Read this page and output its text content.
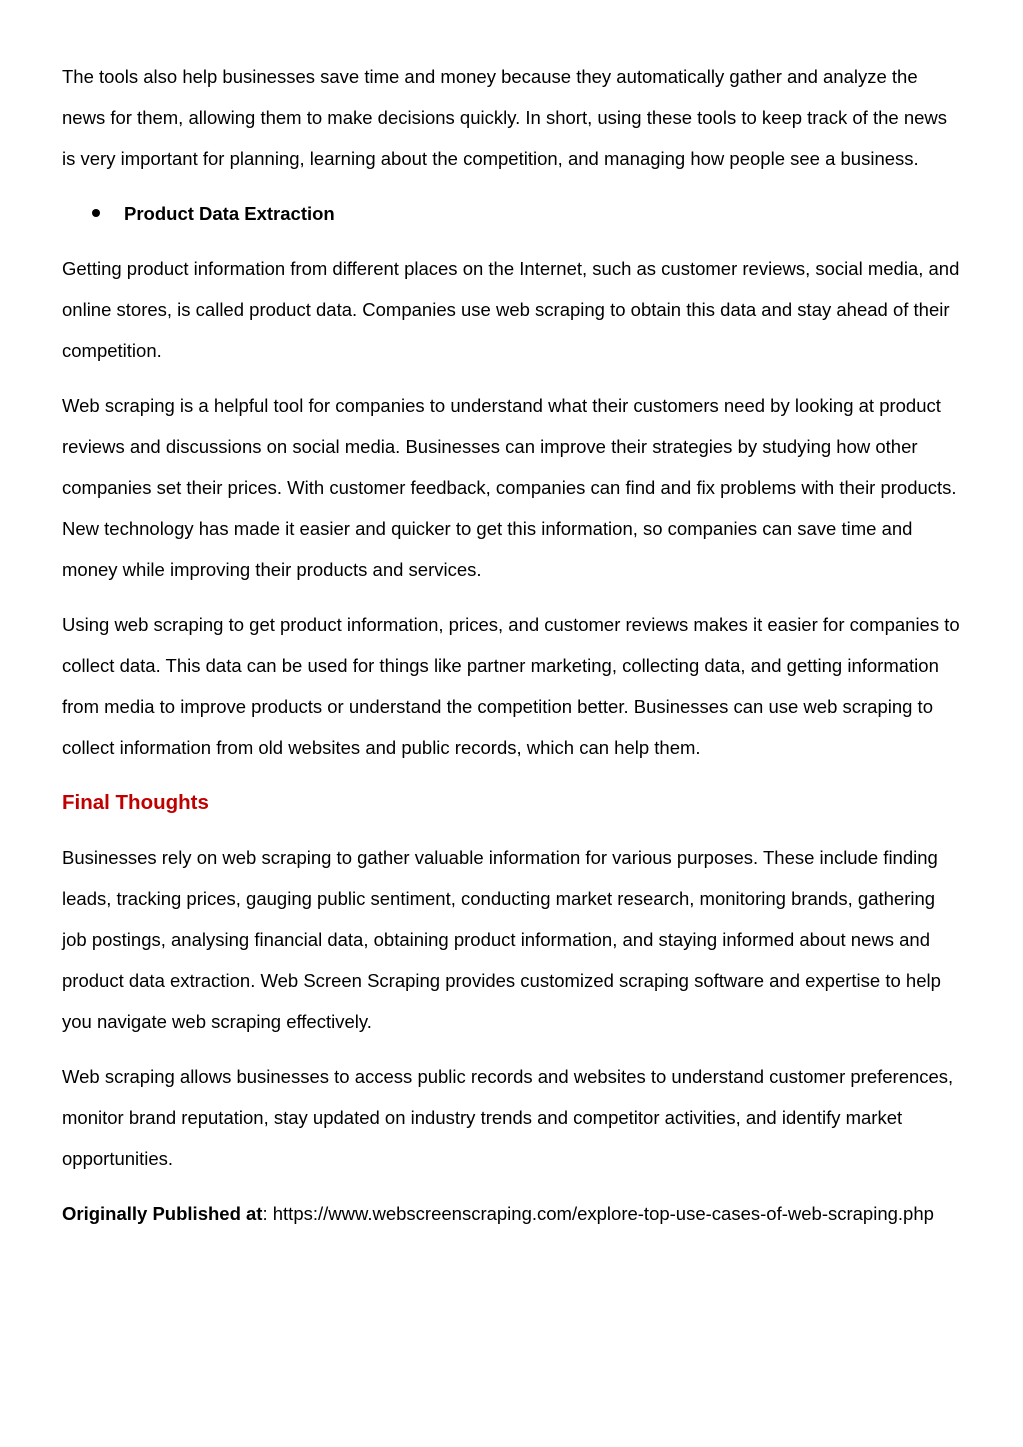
The tools also help businesses save time and money because they automatically gather and analyze the news for them, allowing them to make decisions quickly. In short, using these tools to keep track of the news is very important for planning, learning about the competition, and managing how people see a business.

Product Data Extraction

Getting product information from different places on the Internet, such as customer reviews, social media, and online stores, is called product data. Companies use web scraping to obtain this data and stay ahead of their competition.

Web scraping is a helpful tool for companies to understand what their customers need by looking at product reviews and discussions on social media. Businesses can improve their strategies by studying how other companies set their prices. With customer feedback, companies can find and fix problems with their products. New technology has made it easier and quicker to get this information, so companies can save time and money while improving their products and services.

Using web scraping to get product information, prices, and customer reviews makes it easier for companies to collect data. This data can be used for things like partner marketing, collecting data, and getting information from media to improve products or understand the competition better. Businesses can use web scraping to collect information from old websites and public records, which can help them.

Final Thoughts

Businesses rely on web scraping to gather valuable information for various purposes. These include finding leads, tracking prices, gauging public sentiment, conducting market research, monitoring brands, gathering job postings, analysing financial data, obtaining product information, and staying informed about news and product data extraction. Web Screen Scraping provides customized scraping software and expertise to help you navigate web scraping effectively.

Web scraping allows businesses to access public records and websites to understand customer preferences, monitor brand reputation, stay updated on industry trends and competitor activities, and identify market opportunities.

Originally Published at: https://www.webscreenscraping.com/explore-top-use-cases-of-web-scraping.php
